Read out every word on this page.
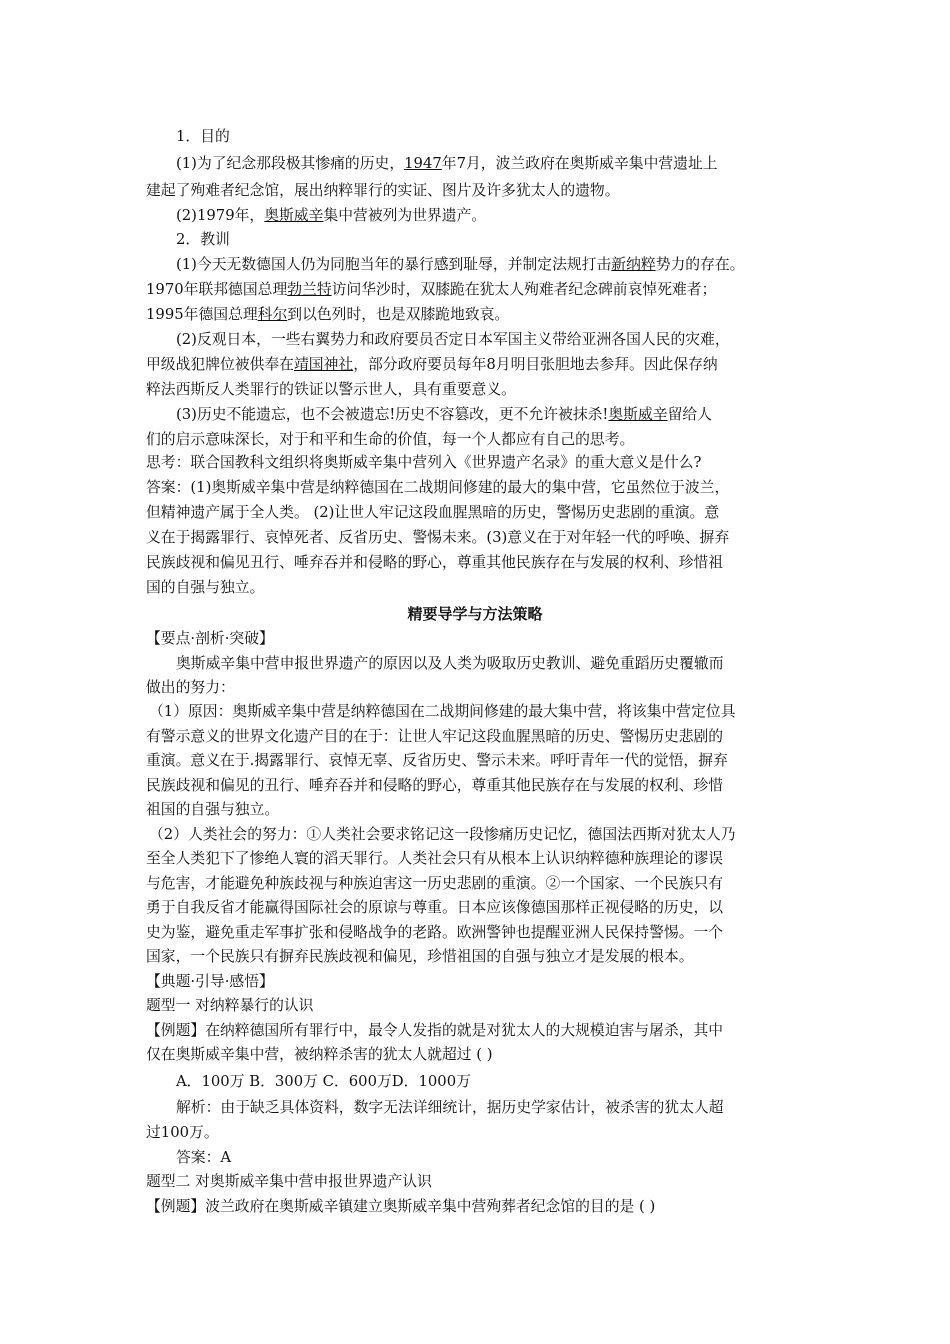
1．目的
(1)为了纪念那段极其惨痛的历史，1947年7月，波兰政府在奥斯威辛集中营遗址上
建起了殉难者纪念馆，展出纳粹罪行的实证、图片及许多犹太人的遗物。
(2)1979年，奥斯威辛集中营被列为世界遗产。
2．教训
(1)今天无数德国人仍为同胞当年的暴行感到耻辱，并制定法规打击新纳粹势力的存在。
1970年联邦德国总理勃兰特访问华沙时，双膝跪在犹太人殉难者纪念碑前哀悼死难者；
1995年德国总理科尔到以色列时，也是双膝跪地致哀。
(2)反观日本，一些右翼势力和政府要员否定日本军国主义带给亚洲各国人民的灾难，
甲级战犯牌位被供奉在靖国神社，部分政府要员每年8月明目张胆地去参拜。因此保存纳
粹法西斯反人类罪行的铁证以警示世人，具有重要意义。
(3)历史不能遗忘，也不会被遗忘!历史不容篡改，更不允许被抹杀!奥斯威辛留给人
们的启示意味深长，对于和平和生命的价值，每一个人都应有自己的思考。
思考：联合国教科文组织将奥斯威辛集中营列入《世界遗产名录》的重大意义是什么?
答案：(1)奥斯威辛集中营是纳粹德国在二战期间修建的最大的集中营，它虽然位于波兰，
但精神遗产属于全人类。 (2)让世人牢记这段血腥黑暗的历史，警惕历史悲剧的重演。意
义在于揭露罪行、哀悼死者、反省历史、警惕未来。(3)意义在于对年轻一代的呼唤、摒弃
民族歧视和偏见丑行、唾弃吞并和侵略的野心，尊重其他民族存在与发展的权利、珍惜祖
国的自强与独立。
精要导学与方法策略
【要点·剖析·突破】
奥斯威辛集中营申报世界遗产的原因以及人类为吸取历史教训、避免重蹈历史覆辙而
做出的努力：
（1）原因：奥斯威辛集中营是纳粹德国在二战期间修建的最大集中营，将该集中营定位具
有警示意义的世界文化遗产目的在于：让世人牢记这段血腥黑暗的历史、警惕历史悲剧的
重演。意义在于.揭露罪行、哀悼无辜、反省历史、警示未来。呼吁青年一代的觉悟，摒弃
民族歧视和偏见的丑行、唾弃吞并和侵略的野心，尊重其他民族存在与发展的权利、珍惜
祖国的自强与独立。
（2）人类社会的努力：①人类社会要求铭记这一段惨痛历史记忆，德国法西斯对犹太人乃
至全人类犯下了惨绝人寰的滔天罪行。人类社会只有从根本上认识纳粹德种族理论的谬误
与危害，才能避免种族歧视与种族迫害这一历史悲剧的重演。②一个国家、一个民族只有
勇于自我反省才能赢得国际社会的原谅与尊重。日本应该像德国那样正视侵略的历史，以
史为鉴，避免重走军事扩张和侵略战争的老路。欧洲警钟也提醒亚洲人民保持警惕。一个
国家，一个民族只有摒弃民族歧视和偏见，珍惜祖国的自强与独立才是发展的根本。
【典题·引导·感悟】
题型一 对纳粹暴行的认识
【例题】在纳粹德国所有罪行中，最令人发指的就是对犹太人的大规模迫害与屠杀，其中
仅在奥斯威辛集中营，被纳粹杀害的犹太人就超过 ( )
A．100万 B．300万 C．600万D．1000万
解析：由于缺乏具体资料，数字无法详细统计，据历史学家估计，被杀害的犹太人超
过100万。
答案：A
题型二 对奥斯威辛集中营申报世界遗产认识
【例题】波兰政府在奥斯威辛镇建立奥斯威辛集中营殉葬者纪念馆的目的是 ( )
